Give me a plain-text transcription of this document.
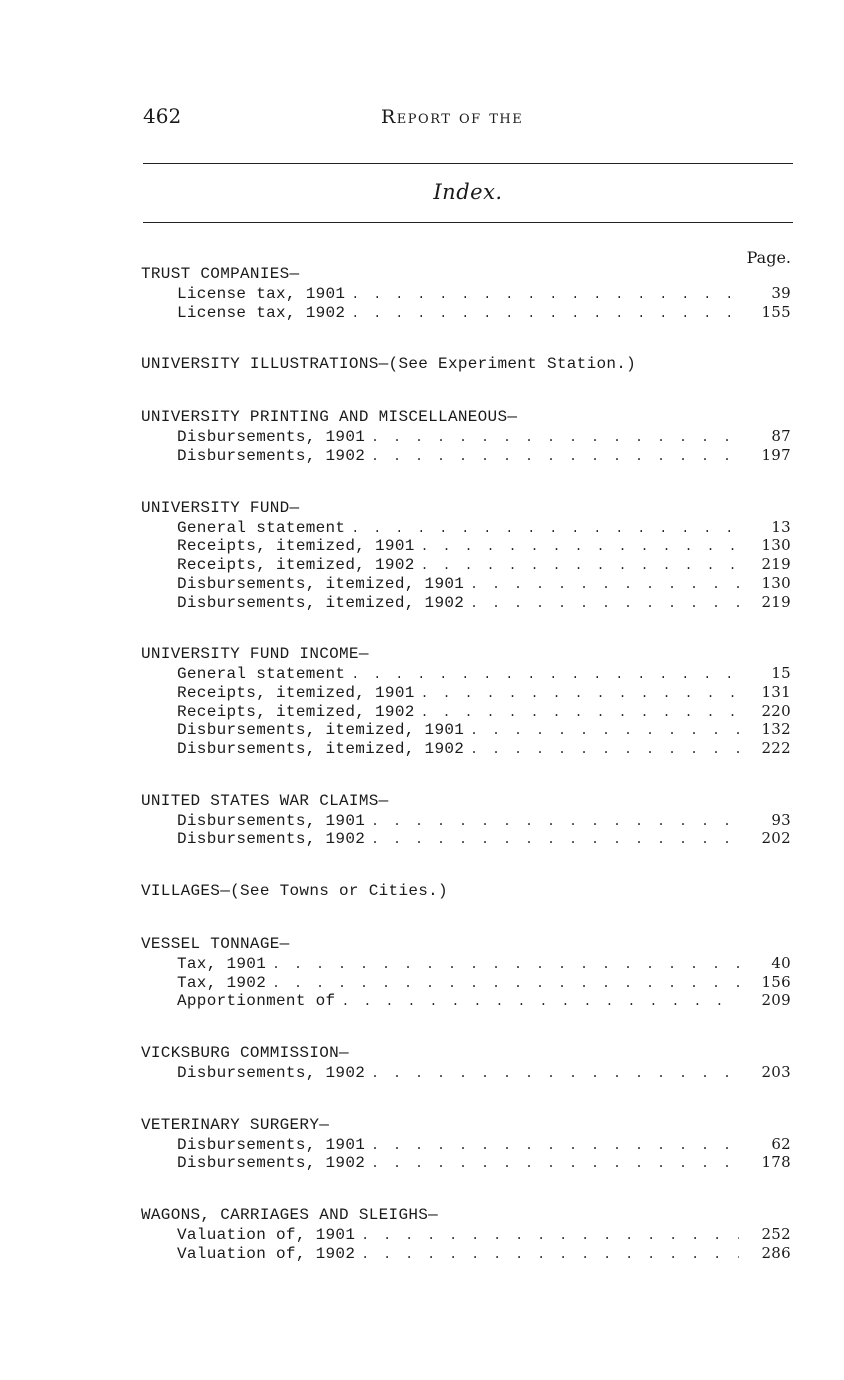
462	Report of the
Index.
Page.
TRUST COMPANIES—
License tax, 1901 . . .	39
License tax, 1902 . . .	155
UNIVERSITY ILLUSTRATIONS—(See Experiment Station.)
UNIVERSITY PRINTING AND MISCELLANEOUS—
Disbursements, 1901 . . .	87
Disbursements, 1902 . . .	197
UNIVERSITY FUND—
General statement . . .	13
Receipts, itemized, 1901 . . .	130
Receipts, itemized, 1902 . . .	219
Disbursements, itemized, 1901 . . .	130
Disbursements, itemized, 1902 . . .	219
UNIVERSITY FUND INCOME—
General statement . . .	15
Receipts, itemized, 1901 . . .	131
Receipts, itemized, 1902 . . .	220
Disbursements, itemized, 1901 . . .	132
Disbursements, itemized, 1902 . . .	222
UNITED STATES WAR CLAIMS—
Disbursements, 1901 . . .	93
Disbursements, 1902 . . .	202
VILLAGES—(See Towns or Cities.)
VESSEL TONNAGE—
Tax, 1901 . . .	40
Tax, 1902 . . .	156
Apportionment of . . .	209
VICKSBURG COMMISSION—
Disbursements, 1902 . . .	203
VETERINARY SURGERY—
Disbursements, 1901 . . .	62
Disbursements, 1902 . . .	178
WAGONS, CARRIAGES AND SLEIGHS—
Valuation of, 1901 . . .	252
Valuation of, 1902 . . .	286
